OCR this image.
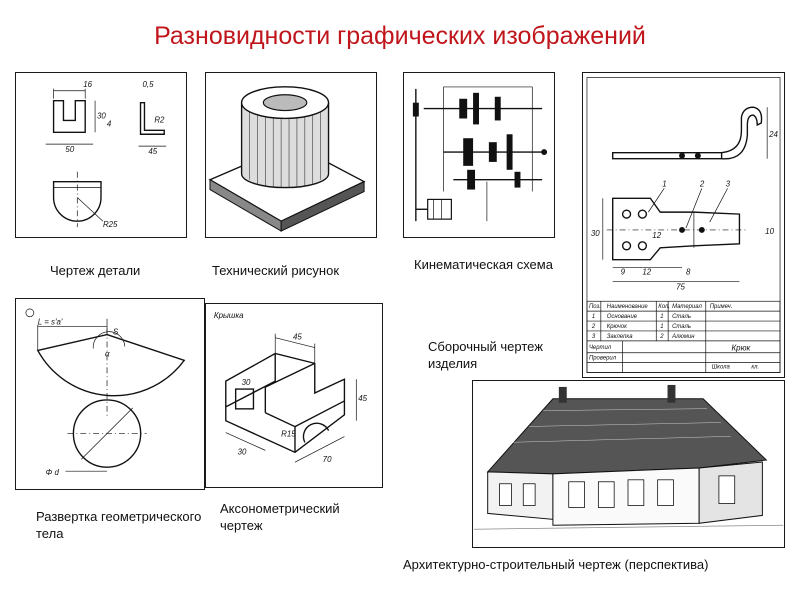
Разновидности графических изображений
16
30
4
50
0,5
R2
45
R25
Чертеж детали	Технический рисунок	Кинематическая схема
24
1	2	3
30	12	10
9 12	8
75
Поз. Наименование Кол. Материал Примеч.
1 Основание	1 Сталь
2 Крючок	1 Сталь
3 Заклепка	2 Алюмин
Чертил
Проверил
Школа	кл.
Крюк
Сборочный чертеж изделия
L = s'a'
S
α
Φ d
Развертка геометрического тела
Крышка
45
45
30
R15
70
30
Аксонометрический чертеж
Архитектурно-строительный чертеж (перспектива)
